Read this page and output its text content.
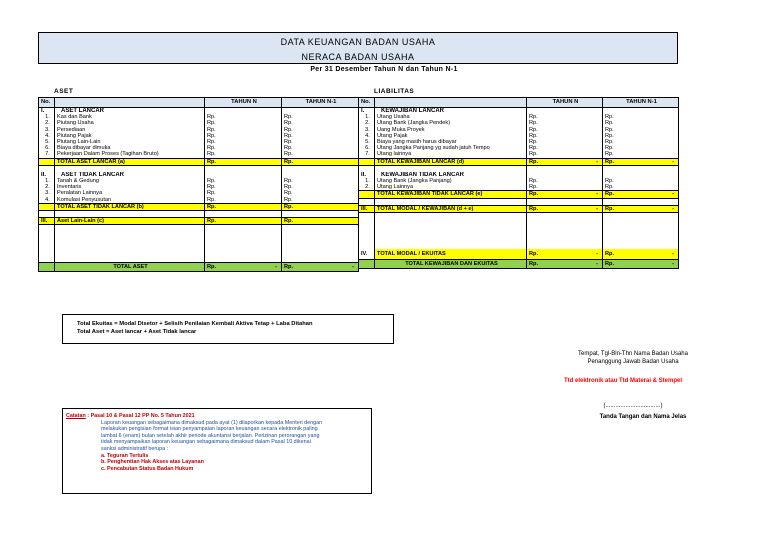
DATA KEUANGAN BADAN USAHA
NERACA BADAN USAHA
Per 31 Desember Tahun N dan Tahun N-1
ASET	LIABILITAS
No.		TAHUN N	TAHUN N-1
I.	ASET LANCAR		
1.	Kas dan Bank	Rp.	Rp.
2.	Piutang Usaha	Rp.	Rp.
3.	Persediaan	Rp.	Rp.
4.	Piutang Pajak	Rp.	Rp.
5.	Piutang Lain-Lain	Rp.	Rp.
6.	Biaya dibayar dimuka	Rp.	Rp.
7.	Pekerjaan Dalam Proses (Tagihan Bruto)	Rp.	Rp.
	TOTAL ASET LANCAR (a)	Rp.	Rp.

II.	ASET TIDAK LANCAR		
1.	Tanah & Gedung	Rp.	Rp.
2.	Inventaris	Rp.	Rp.
3.	Peralatan Lainnya	Rp.	Rp.
4.	Komulasi Penyusutan	Rp.	Rp.
	TOTAL ASET TIDAK LANCAR (b)	Rp.	Rp.

III.	Aset Lain-Lain (c)	Rp.	Rp.

	TOTAL ASET	Rp. -	Rp. -
No.		TAHUN N	TAHUN N-1
I.	KEWAJIBAN LANCAR		
1.	Utang Usaha	Rp.	Rp.
2.	Utang Bank (Jangka Pendek)	Rp.	Rp.
3.	Uang Muka Proyek	Rp.	Rp.
4.	Utang Pajak	Rp.	Rp.
5.	Biaya yang masih harus dibayar	Rp.	Rp.
6.	Utang Jangka Panjang yg sudah jatuh Tempo	Rp.	Rp.
7.	Utang lainnya	Rp.	Rp.
	TOTAL KEWAJIBAN LANCAR (d)	Rp. -	Rp. -

II.	KEWAJIBAN TIDAK LANCAR		
1.	Utang Bank (Jangka Panjang)	Rp.	Rp.
2.	Utang Lainnya	Rp.	Rp.
	TOTAL KEWAJIBAN TIDAK LANCAR (e)	Rp. -	Rp. -

III.	TOTAL MODAL / KEWAJIBAN (d + e)	Rp. -	Rp. -

IV.	TOTAL MODAL / EKUITAS	Rp. -	Rp. -

	TOTAL KEWAJIBAN DAN EKUITAS	Rp. -	Rp. -
Total Ekuitas = Modal Disetor + Selisih Penilaian Kembali Aktiva Tetap + Laba Ditahan
Total Aset = Aset lancar + Aset Tidak lancar
Tempat, Tgl-Bln-Thn Nama Badan Usaha
Penanggung Jawab Badan Usaha
Ttd elektronik atau Ttd Materai & Stempel
(.................................)
Tanda Tangan dan Nama Jelas
Catatan : Pasal 10 & Pasal 12 PP No. 5 Tahun 2021
Laporan keuangan sebagaimana dimaksud pada ayat (1) dilaporkan kepada Menteri dengan
melakukan pengisian format isian penyampaian laporan keuangan secara elektronik paling
lambat 6 (enam) bulan setelah akhir periode akuntansi berjalan. Perizinan perorangan yang
tidak menyampaikan laporan keuangan sebagaimana dimaksud dalam Pasal 10 dikenai
sanksi administratif berupa :
a. Teguran Tertulis
b. Penghentian Hak Akses atas Layanan
c. Pencabutan Status Badan Hukum
